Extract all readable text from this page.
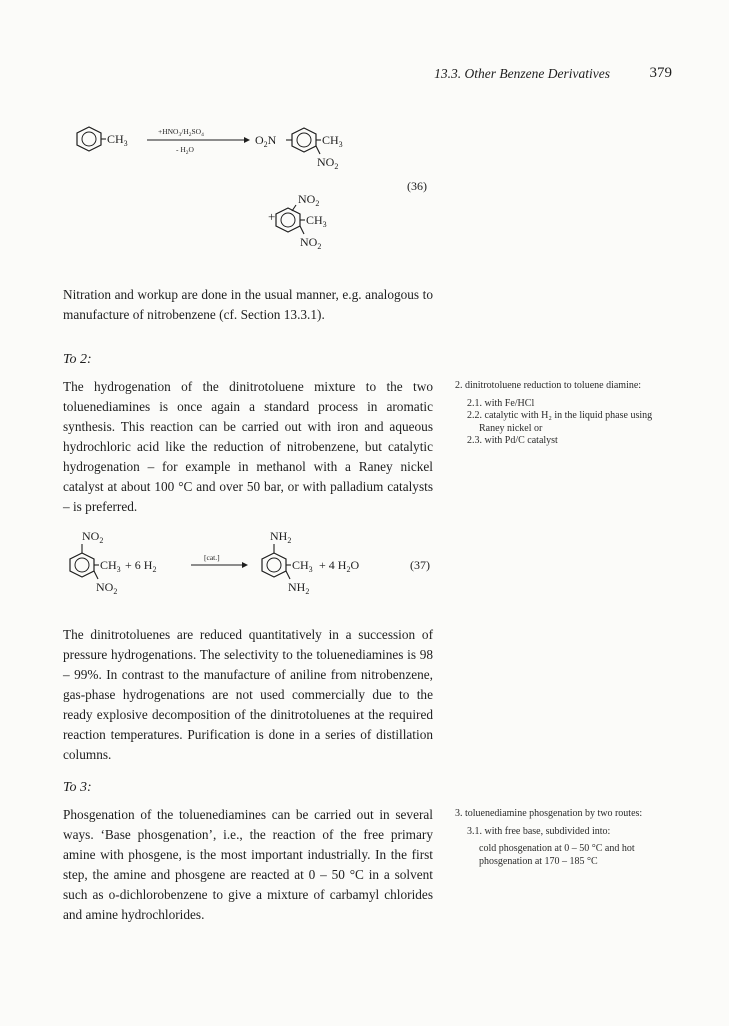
13.3. Other Benzene Derivatives	379
$CH_3$
$+HNO_3/H_2SO_4$
- $H_2O$
$O_2N$	$CH_3$
$NO_2$
(36)
+
$NO_2$
$CH_3$
$NO_2$
Nitration and workup are done in the usual manner, e.g. analogous to manufacture of nitrobenzene (cf. Section 13.3.1).
To 2:
The hydrogenation of the dinitrotoluene mixture to the two toluenediamines is once again a standard process in aromatic synthesis. This reaction can be carried out with iron and aqueous hydrochloric acid like the reduction of nitrobenzene, but catalytic hydrogenation – for example in methanol with a Raney nickel catalyst at about 100 °C and over 50 bar, or with palladium catalysts – is preferred.

2. dinitrotoluene reduction to toluene diamine:

2.1. with Fe/HCl

2.2. catalytic with H₂ in the liquid phase using Raney nickel or

2.3. with Pd/C catalyst

$NO_2$
$CH_3$
$NO_2$
+ 6 $H_2$
[cat.]
$NH_2$
$CH_3$
$NH_2$
+ 4 $H_2O$	(37)
The dinitrotoluenes are reduced quantitatively in a succession of pressure hydrogenations. The selectivity to the toluenediamines is 98 – 99%. In contrast to the manufacture of aniline from nitrobenzene, gas-phase hydrogenations are not used commercially due to the ready explosive decomposition of the dinitrotoluenes at the required reaction temperatures. Purification is done in a series of distillation columns.
To 3:
Phosgenation of the toluenediamines can be carried out in several ways. ‘Base phosgenation’, i.e., the reaction of the free primary amine with phosgene, is the most important industrially. In the first step, the amine and phosgene are reacted at 0 – 50 °C in a solvent such as o-dichlorobenzene to give a mixture of carbamyl chlorides and amine hydrochlorides.

3. toluenediamine phosgenation by two routes:

3.1. with free base, subdivided into:

cold phosgenation at 0 – 50 °C and hot phosgenation at 170 – 185 °C
